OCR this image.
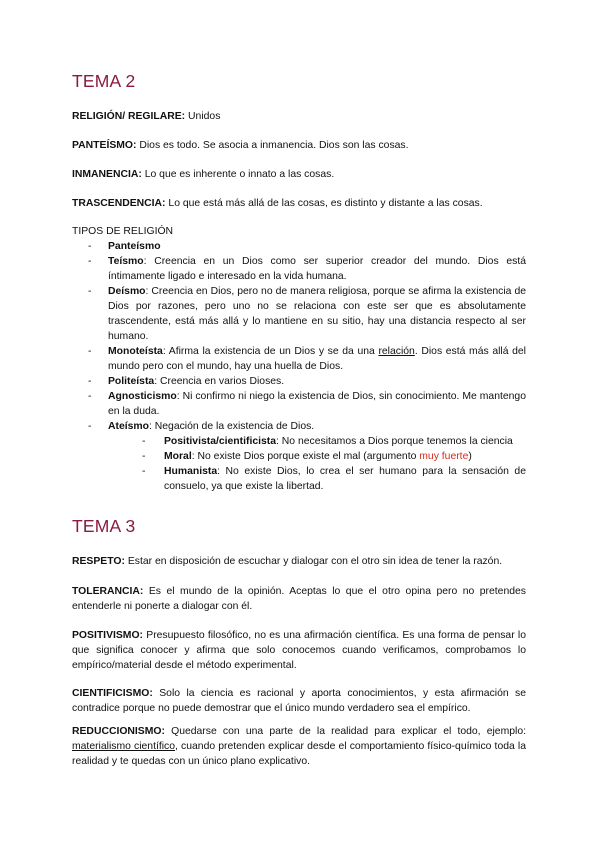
TEMA 2

RELIGIÓN/ REGILARE: Unidos

PANTEÍSMO: Dios es todo. Se asocia a inmanencia. Dios son las cosas.

INMANENCIA: Lo que es inherente o innato a las cosas.

TRASCENDENCIA: Lo que está más allá de las cosas, es distinto y distante a las cosas.

TIPOS DE RELIGIÓN

- Panteísmo
- Teísmo: Creencia en un Dios como ser superior creador del mundo. Dios está íntimamente ligado e interesado en la vida humana.
- Deísmo: Creencia en Dios, pero no de manera religiosa, porque se afirma la existencia de Dios por razones, pero uno no se relaciona con este ser que es absolutamente trascendente, está más allá y lo mantiene en su sitio, hay una distancia respecto al ser humano.
- Monoteísta: Afirma la existencia de un Dios y se da una relación. Dios está más allá del mundo pero con el mundo, hay una huella de Dios.
- Politeísta: Creencia en varios Dioses.
- Agnosticismo: Ni confirmo ni niego la existencia de Dios, sin conocimiento. Me mantengo en la duda.
- Ateísmo: Negación de la existencia de Dios.
- Positivista/cientificista: No necesitamos a Dios porque tenemos la ciencia
- Moral: No existe Dios porque existe el mal (argumento muy fuerte)
- Humanista: No existe Dios, lo crea el ser humano para la sensación de consuelo, ya que existe la libertad.
TEMA 3

RESPETO: Estar en disposición de escuchar y dialogar con el otro sin idea de tener la razón.

TOLERANCIA: Es el mundo de la opinión. Aceptas lo que el otro opina pero no pretendes entenderle ni ponerte a dialogar con él.

POSITIVISMO: Presupuesto filosófico, no es una afirmación científica. Es una forma de pensar lo que significa conocer y afirma que solo conocemos cuando verificamos, comprobamos lo empírico/material desde el método experimental.

CIENTIFICISMO: Solo la ciencia es racional y aporta conocimientos, y esta afirmación se contradice porque no puede demostrar que el único mundo verdadero sea el empírico.

REDUCCIONISMO: Quedarse con una parte de la realidad para explicar el todo, ejemplo: materialismo científico, cuando pretenden explicar desde el comportamiento físico-químico toda la realidad y te quedas con un único plano explicativo.
